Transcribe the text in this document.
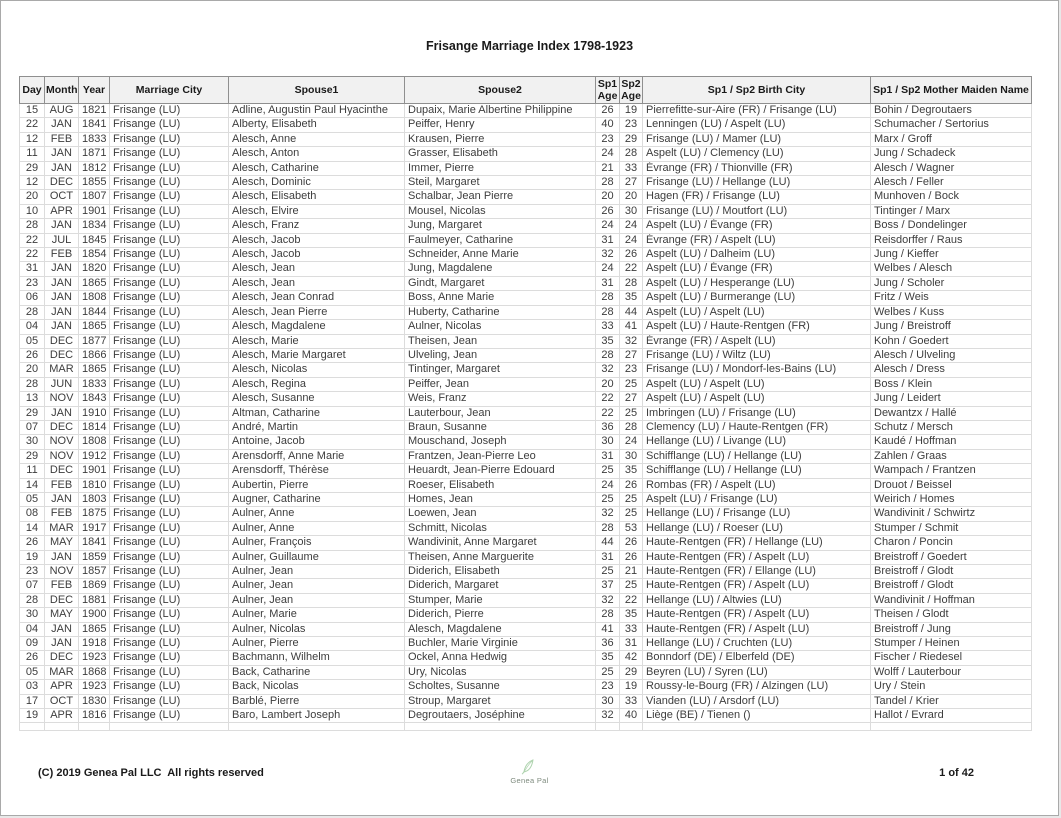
Frisange Marriage Index 1798-1923
Day	Month	Year	Marriage City	Spouse1	Spouse2	Sp1 Age	Sp2 Age	Sp1 / Sp2 Birth City	Sp1 / Sp2 Mother Maiden Name
15	AUG	1821	Frisange (LU)	Adline, Augustin Paul Hyacinthe	Dupaix, Marie Albertine Philippine	26	19	Pierrefitte-sur-Aire (FR) / Frisange (LU)	Bohin / Degroutaers
22	JAN	1841	Frisange (LU)	Alberty, Elisabeth	Peiffer, Henry	40	23	Lenningen (LU) / Aspelt (LU)	Schumacher / Sertorius
12	FEB	1833	Frisange (LU)	Alesch, Anne	Krausen, Pierre	23	29	Frisange (LU) / Mamer (LU)	Marx / Groff
11	JAN	1871	Frisange (LU)	Alesch, Anton	Grasser, Elisabeth	24	28	Aspelt (LU) / Clemency (LU)	Jung / Schadeck
29	JAN	1812	Frisange (LU)	Alesch, Catharine	Immer, Pierre	21	33	Évrange (FR) / Thionville (FR)	Alesch / Wagner
12	DEC	1855	Frisange (LU)	Alesch, Dominic	Steil, Margaret	28	27	Frisange (LU) / Hellange (LU)	Alesch / Feller
20	OCT	1807	Frisange (LU)	Alesch, Elisabeth	Schalbar, Jean Pierre	20	20	Hagen (FR) / Frisange (LU)	Munhoven / Bock
10	APR	1901	Frisange (LU)	Alesch, Elvire	Mousel, Nicolas	26	30	Frisange (LU) / Moutfort (LU)	Tintinger / Marx
28	JAN	1834	Frisange (LU)	Alesch, Franz	Jung, Margaret	24	24	Aspelt (LU) / Évange (FR)	Boss / Dondelinger
22	JUL	1845	Frisange (LU)	Alesch, Jacob	Faulmeyer, Catharine	31	24	Évrange (FR) / Aspelt (LU)	Reisdorffer / Raus
22	FEB	1854	Frisange (LU)	Alesch, Jacob	Schneider, Anne Marie	32	26	Aspelt (LU) / Dalheim (LU)	Jung / Kieffer
31	JAN	1820	Frisange (LU)	Alesch, Jean	Jung, Magdalene	24	22	Aspelt (LU) / Évange (FR)	Welbes / Alesch
23	JAN	1865	Frisange (LU)	Alesch, Jean	Gindt, Margaret	31	28	Aspelt (LU) / Hesperange (LU)	Jung / Scholer
06	JAN	1808	Frisange (LU)	Alesch, Jean Conrad	Boss, Anne Marie	28	35	Aspelt (LU) / Burmerange (LU)	Fritz / Weis
28	JAN	1844	Frisange (LU)	Alesch, Jean Pierre	Huberty, Catharine	28	44	Aspelt (LU) / Aspelt (LU)	Welbes / Kuss
04	JAN	1865	Frisange (LU)	Alesch, Magdalene	Aulner, Nicolas	33	41	Aspelt (LU) / Haute-Rentgen (FR)	Jung / Breistroff
05	DEC	1877	Frisange (LU)	Alesch, Marie	Theisen, Jean	35	32	Évrange (FR) / Aspelt (LU)	Kohn / Goedert
26	DEC	1866	Frisange (LU)	Alesch, Marie Margaret	Ulveling, Jean	28	27	Frisange (LU) / Wiltz (LU)	Alesch / Ulveling
20	MAR	1865	Frisange (LU)	Alesch, Nicolas	Tintinger, Margaret	32	23	Frisange (LU) / Mondorf-les-Bains (LU)	Alesch / Dress
28	JUN	1833	Frisange (LU)	Alesch, Regina	Peiffer, Jean	20	25	Aspelt (LU) / Aspelt (LU)	Boss / Klein
13	NOV	1843	Frisange (LU)	Alesch, Susanne	Weis, Franz	22	27	Aspelt (LU) / Aspelt (LU)	Jung / Leidert
29	JAN	1910	Frisange (LU)	Altman, Catharine	Lauterbour, Jean	22	25	Imbringen (LU) / Frisange (LU)	Dewantzx / Hallé
07	DEC	1814	Frisange (LU)	André, Martin	Braun, Susanne	36	28	Clemency (LU) / Haute-Rentgen (FR)	Schutz / Mersch
30	NOV	1808	Frisange (LU)	Antoine, Jacob	Mouschand, Joseph	30	24	Hellange (LU) / Livange (LU)	Kaudé / Hoffman
29	NOV	1912	Frisange (LU)	Arensdorff, Anne Marie	Frantzen, Jean-Pierre Leo	31	30	Schifflange (LU) / Hellange (LU)	Zahlen / Graas
11	DEC	1901	Frisange (LU)	Arensdorff, Thérèse	Heuardt, Jean-Pierre Edouard	25	35	Schifflange (LU) / Hellange (LU)	Wampach / Frantzen
14	FEB	1810	Frisange (LU)	Aubertin, Pierre	Roeser, Elisabeth	24	26	Rombas (FR) / Aspelt (LU)	Drouot / Beissel
05	JAN	1803	Frisange (LU)	Augner, Catharine	Homes, Jean	25	25	Aspelt (LU) / Frisange (LU)	Weirich / Homes
08	FEB	1875	Frisange (LU)	Aulner, Anne	Loewen, Jean	32	25	Hellange (LU) / Frisange (LU)	Wandivinit / Schwirtz
14	MAR	1917	Frisange (LU)	Aulner, Anne	Schmitt, Nicolas	28	53	Hellange (LU) / Roeser (LU)	Stumper / Schmit
26	MAY	1841	Frisange (LU)	Aulner, François	Wandivinit, Anne Margaret	44	26	Haute-Rentgen (FR) / Hellange (LU)	Charon / Poncin
19	JAN	1859	Frisange (LU)	Aulner, Guillaume	Theisen, Anne Marguerite	31	26	Haute-Rentgen (FR) / Aspelt (LU)	Breistroff / Goedert
23	NOV	1857	Frisange (LU)	Aulner, Jean	Diderich, Elisabeth	25	21	Haute-Rentgen (FR) / Ellange (LU)	Breistroff / Glodt
07	FEB	1869	Frisange (LU)	Aulner, Jean	Diderich, Margaret	37	25	Haute-Rentgen (FR) / Aspelt (LU)	Breistroff / Glodt
28	DEC	1881	Frisange (LU)	Aulner, Jean	Stumper, Marie	32	22	Hellange (LU) / Altwies (LU)	Wandivinit / Hoffman
30	MAY	1900	Frisange (LU)	Aulner, Marie	Diderich, Pierre	28	35	Haute-Rentgen (FR) / Aspelt (LU)	Theisen / Glodt
04	JAN	1865	Frisange (LU)	Aulner, Nicolas	Alesch, Magdalene	41	33	Haute-Rentgen (FR) / Aspelt (LU)	Breistroff / Jung
09	JAN	1918	Frisange (LU)	Aulner, Pierre	Buchler, Marie Virginie	36	31	Hellange (LU) / Cruchten (LU)	Stumper / Heinen
26	DEC	1923	Frisange (LU)	Bachmann, Wilhelm	Ockel, Anna Hedwig	35	42	Bonndorf (DE) / Elberfeld (DE)	Fischer / Riedesel
05	MAR	1868	Frisange (LU)	Back, Catharine	Ury, Nicolas	25	29	Beyren (LU) / Syren (LU)	Wolff / Lauterbour
03	APR	1923	Frisange (LU)	Back, Nicolas	Scholtes, Susanne	23	19	Roussy-le-Bourg (FR) / Alzingen (LU)	Ury / Stein
17	OCT	1830	Frisange (LU)	Barblé, Pierre	Stroup, Margaret	30	33	Vianden (LU) / Arsdorf (LU)	Tandel / Krier
19	APR	1816	Frisange (LU)	Baro, Lambert Joseph	Degroutaers, Joséphine	32	40	Liège (BE) / Tienen ()	Hallot / Evrard

(C) 2019 Genea Pal LLC  All rights reserved
Genea Pal
1 of 42
